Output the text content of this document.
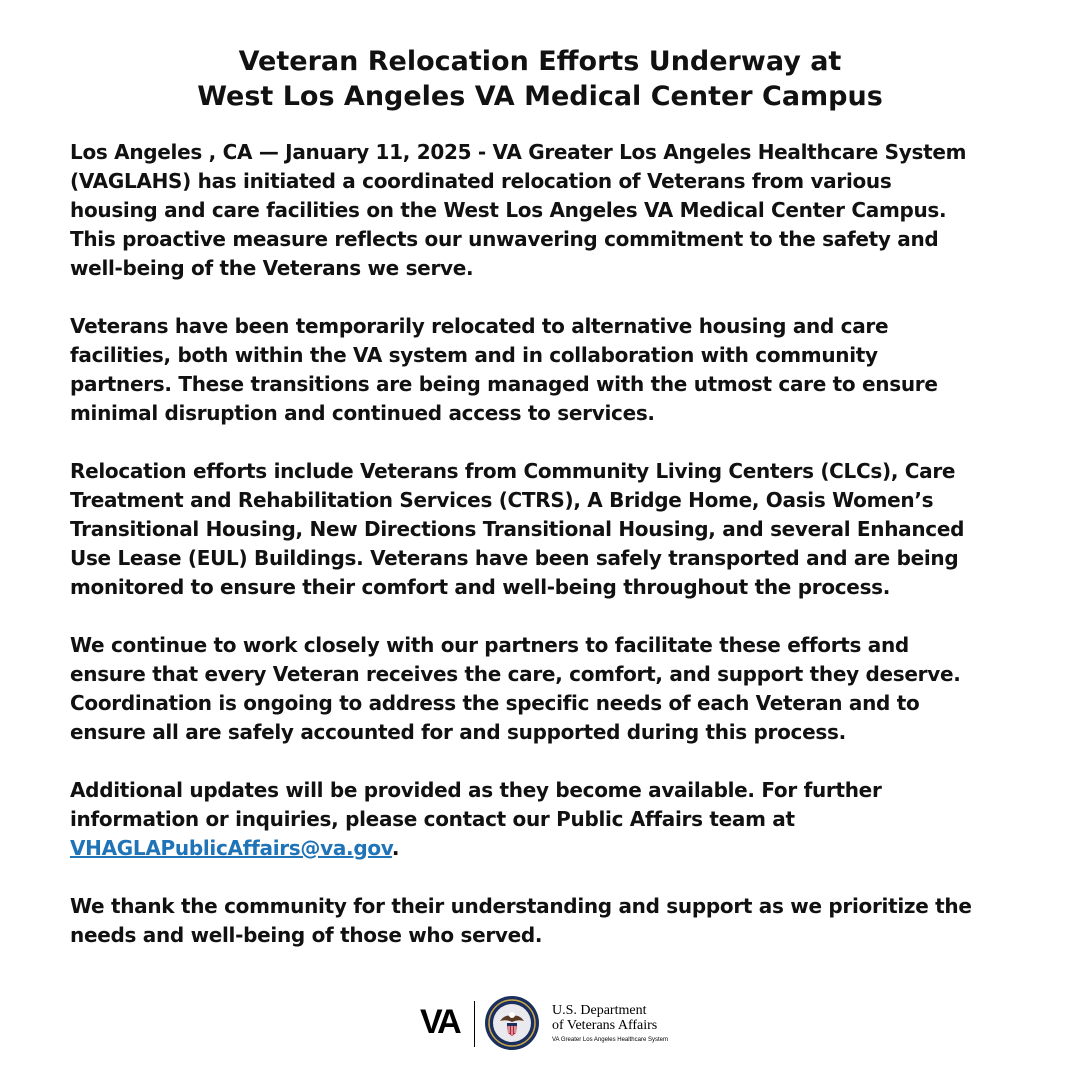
Veteran Relocation Efforts Underway at
West Los Angeles VA Medical Center Campus

Los Angeles , CA — January 11, 2025 - VA Greater Los Angeles Healthcare System
(VAGLAHS) has initiated a coordinated relocation of Veterans from various
housing and care facilities on the West Los Angeles VA Medical Center Campus.
This proactive measure reflects our unwavering commitment to the safety and
well-being of the Veterans we serve.

Veterans have been temporarily relocated to alternative housing and care
facilities, both within the VA system and in collaboration with community
partners. These transitions are being managed with the utmost care to ensure
minimal disruption and continued access to services.

Relocation efforts include Veterans from Community Living Centers (CLCs), Care
Treatment and Rehabilitation Services (CTRS), A Bridge Home, Oasis Women’s
Transitional Housing, New Directions Transitional Housing, and several Enhanced
Use Lease (EUL) Buildings. Veterans have been safely transported and are being
monitored to ensure their comfort and well-being throughout the process.

We continue to work closely with our partners to facilitate these efforts and
ensure that every Veteran receives the care, comfort, and support they deserve.
Coordination is ongoing to address the specific needs of each Veteran and to
ensure all are safely accounted for and supported during this process.

Additional updates will be provided as they become available. For further
information or inquiries, please contact our Public Affairs team at
VHAGLAPublicAffairs@va.gov.

We thank the community for their understanding and support as we prioritize the
needs and well-being of those who served.

VA	U.S. Department
of Veterans Affairs
VA Greater Los Angeles Healthcare System
